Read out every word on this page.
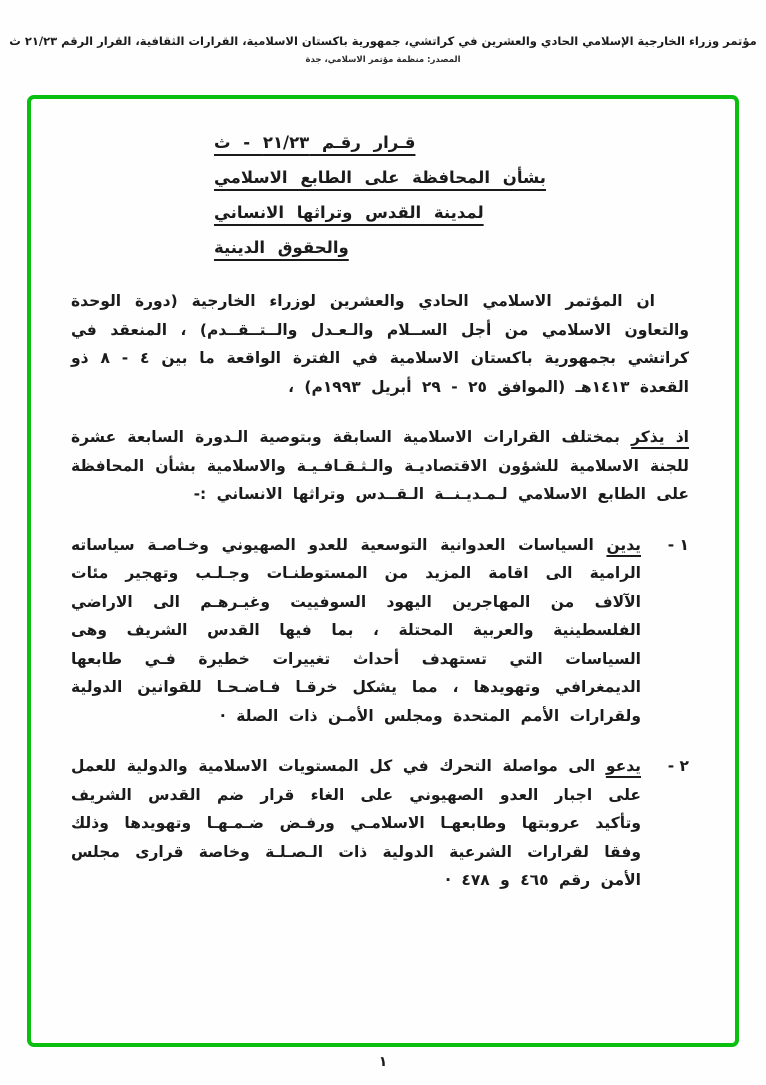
مؤتمر وزراء الخارجية الإسلامي الحادي والعشرين في كراتشي، جمهورية باكستان الاسلامية، القرارات الثقافية، القرار الرقم ٢١/٢٣ ث
المصدر: منظمة مؤتمر الاسلامي، جدة
قـرار رقـم ٢١/٢٣ - ث
بشأن المحافظة على الطابع الاسلامي
لمدينة القدس وتراثها الانساني
والحقوق الدينية

ان المؤتمر الاسلامي الحادي والعشرين لوزراء الخارجية (دورة الوحدة والتعاون الاسلامي من أجل الســلام والـعـدل والــتــقــدم) ، المنعقد في كراتشي بجمهورية باكستان الاسلامية في الفترة الواقعة ما بين ٤ - ٨ ذو القعدة ١٤١٣هـ (الموافق ٢٥ - ٢٩ أبريل ١٩٩٣م) ،

اذ يذكر بمختلف القرارات الاسلامية السابقة وبتوصية الـدورة السابعة عشرة للجنة الاسلامية للشؤون الاقتصاديـة والـثـقـافـيـة والاسلامية بشأن المحافظة على الطابع الاسلامي لـمـديـنــة الـقــدس وتراثها الانساني :-

١ -
يدين السياسات العدوانية التوسعية للعدو الصهيوني وخـاصـة سياساته الرامية الى اقامة المزيد من المستوطنـات وجـلـب وتهجير مئات الآلاف من المهاجرين اليهود السوفييت وغيـرهـم الى الاراضي الفلسطينية والعربية المحتلة ، بما فيها القدس الشريف وهى السياسات التي تستهدف أحداث تغييرات خطيرة فـي طابعها الديمغرافي وتهويدها ، مما يشكل خرقـا فـاضـحـا للقوانين الدولية ولقرارات الأمم المتحدة ومجلس الأمـن ذات الصلة ·
٢ -
يدعو الى مواصلة التحرك في كل المستويات الاسلامية والدولية للعمل على اجبار العدو الصهيوني على الغاء قرار ضم القدس الشريف وتأكيد عروبتها وطابعهـا الاسلامـي ورفـض ضـمـهـا وتهويدها وذلك وفقا لقرارات الشرعية الدولية ذات الـصـلـة وخاصة قرارى مجلس الأمن رقم ٤٦٥ و ٤٧٨ ·
١
